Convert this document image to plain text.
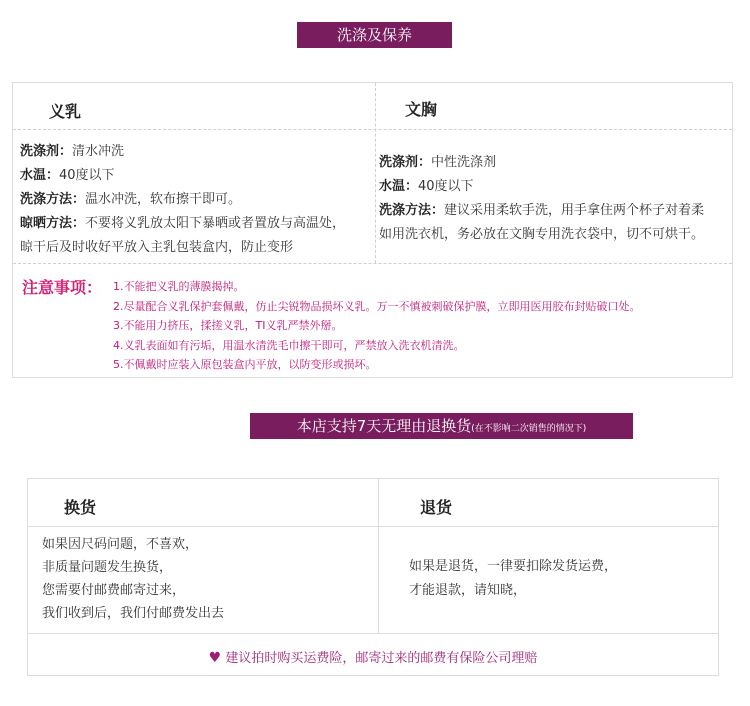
洗涤及保养
义乳	文胸
洗涤剂：清水冲洗
水温：40度以下
洗涤方法：温水冲洗，软布擦干即可。
晾晒方法：不要将义乳放太阳下暴晒或者置放与高温处，
晾干后及时收好平放入主乳包装盒内，防止变形
洗涤剂：中性洗涤剂
水温：40度以下
洗涤方法：建议采用柔软手洗，用手拿住两个杯子对着柔
如用洗衣机，务必放在文胸专用洗衣袋中，切不可烘干。
注意事项： 1.不能把义乳的薄膜揭掉。
2.尽量配合义乳保护套佩戴，仿止尖锐物品损坏义乳。万一不慎被刺破保护膜，立即用医用胶布封贴破口处。
3.不能用力挤压，揉搓义乳，TI义乳严禁外掰。
4.义乳表面如有污垢，用温水清洗毛巾擦干即可，严禁放入洗衣机清洗。
5.不佩戴时应装入原包装盒内平放，以防变形或损坏。
本店支持7天无理由退换货(在不影响二次销售的情况下)
换货	退货
如果因尺码问题，不喜欢，
非质量问题发生换货，
您需要付邮费邮寄过来，
我们收到后，我们付邮费发出去
如果是退货，一律要扣除发货运费，
才能退款，请知晓，
♥ 建议拍时购买运费险，邮寄过来的邮费有保险公司理赔
